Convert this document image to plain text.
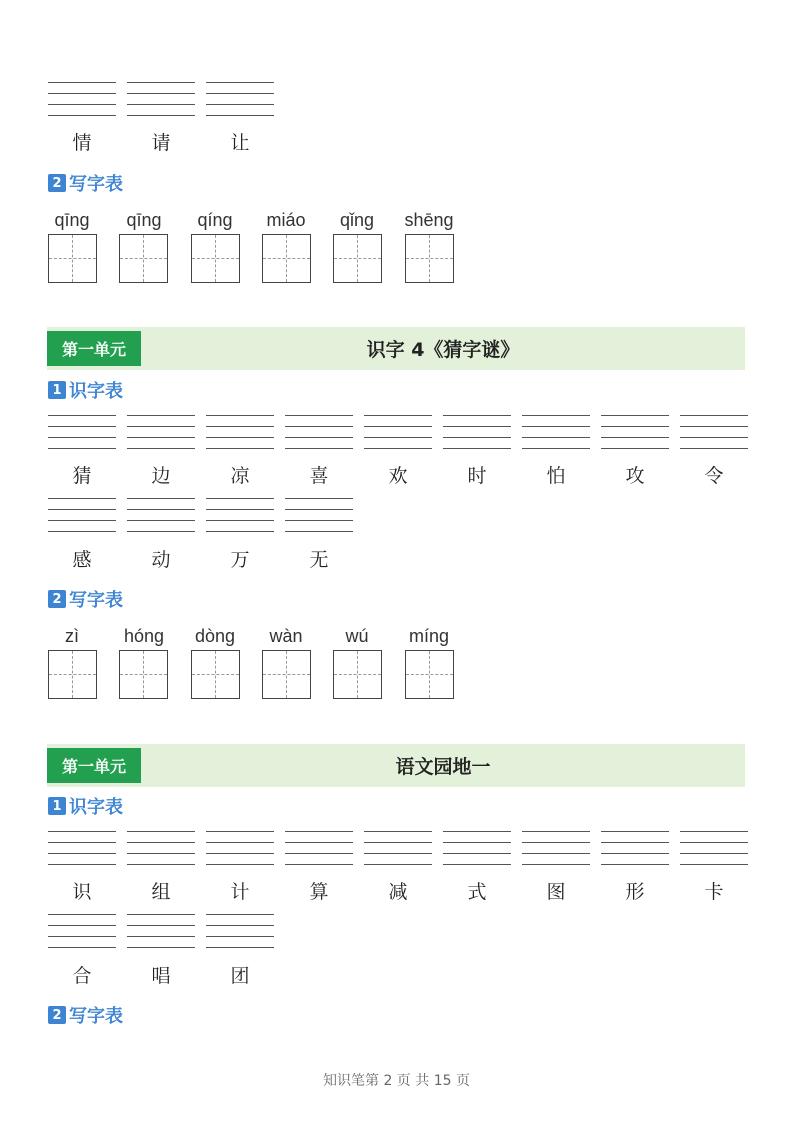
情	请	让
2 写字表
qīng	qīng	qíng	miáo	qǐng	shēng
第一单元	识字 4《猜字谜》
1 识字表
猜	边	凉	喜	欢	时	怕	攻	令
感	动	万	无
2 写字表
zì	hóng	dòng	wàn	wú	míng
第一单元	语文园地一
1 识字表
识	组	计	算	减	式	图	形	卡
合	唱	团
2 写字表
知识笔第 2 页 共 15 页
